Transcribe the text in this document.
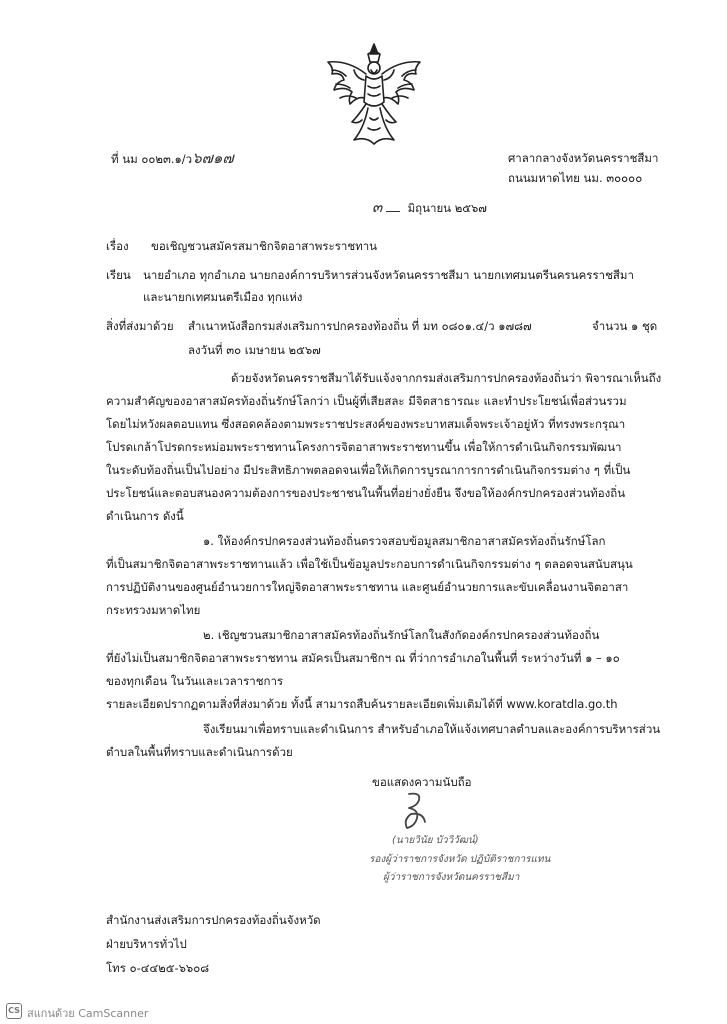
ที่ นม ๐๐๒๓.๑/ว๖๗๑๗	ศาลากลางจังหวัดนครราชสีมา
ถนนมหาดไทย นม. ๓๐๐๐๐
๓ มิถุนายน ๒๕๖๗
เรื่อง ขอเชิญชวนสมัครสมาชิกจิตอาสาพระราชทาน
เรียน นายอำเภอ ทุกอำเภอ นายกองค์การบริหารส่วนจังหวัดนครราชสีมา นายกเทศมนตรีนครนครราชสีมา
และนายกเทศมนตรีเมือง ทุกแห่ง
สิ่งที่ส่งมาด้วย สำเนาหนังสือกรมส่งเสริมการปกครองท้องถิ่น ที่ มท ๐๘๐๑.๔/ว ๑๗๘๗	จำนวน ๑ ชุด
ลงวันที่ ๓๐ เมษายน ๒๕๖๗
ด้วยจังหวัดนครราชสีมาได้รับแจ้งจากกรมส่งเสริมการปกครองท้องถิ่นว่า พิจารณาเห็นถึง
ความสำคัญของอาสาสมัครท้องถิ่นรักษ์โลกว่า เป็นผู้ที่เสียสละ มีจิตสาธารณะ และทำประโยชน์เพื่อส่วนรวม
โดยไม่หวังผลตอบแทน ซึ่งสอดคล้องตามพระราชประสงค์ของพระบาทสมเด็จพระเจ้าอยู่หัว ที่ทรงพระกรุณา
โปรดเกล้าโปรดกระหม่อมพระราชทานโครงการจิตอาสาพระราชทานขึ้น เพื่อให้การดำเนินกิจกรรมพัฒนา
ในระดับท้องถิ่นเป็นไปอย่าง มีประสิทธิภาพตลอดจนเพื่อให้เกิดการบูรณาการการดำเนินกิจกรรมต่าง ๆ ที่เป็น
ประโยชน์และตอบสนองความต้องการของประชาชนในพื้นที่อย่างยั่งยืน จึงขอให้องค์กรปกครองส่วนท้องถิ่น
ดำเนินการ ดังนี้
๑. ให้องค์กรปกครองส่วนท้องถิ่นตรวจสอบข้อมูลสมาชิกอาสาสมัครท้องถิ่นรักษ์โลก
ที่เป็นสมาชิกจิตอาสาพระราชทานแล้ว เพื่อใช้เป็นข้อมูลประกอบการดำเนินกิจกรรมต่าง ๆ ตลอดจนสนับสนุน
การปฏิบัติงานของศูนย์อำนวยการใหญ่จิตอาสาพระราชทาน และศูนย์อำนวยการและขับเคลื่อนงานจิตอาสา
กระทรวงมหาดไทย
๒. เชิญชวนสมาชิกอาสาสมัครท้องถิ่นรักษ์โลกในสังกัดองค์กรปกครองส่วนท้องถิ่น
ที่ยังไม่เป็นสมาชิกจิตอาสาพระราชทาน สมัครเป็นสมาชิกฯ ณ ที่ว่าการอำเภอในพื้นที่ ระหว่างวันที่ ๑ – ๑๐
ของทุกเดือน ในวันและเวลาราชการ
รายละเอียดปรากฏตามสิ่งที่ส่งมาด้วย ทั้งนี้ สามารถสืบค้นรายละเอียดเพิ่มเติมได้ที่ www.koratdla.go.th
จึงเรียนมาเพื่อทราบและดำเนินการ สำหรับอำเภอให้แจ้งเทศบาลตำบลและองค์การบริหารส่วน
ตำบลในพื้นที่ทราบและดำเนินการด้วย
ขอแสดงความนับถือ
(นายวินัย บัววิวัฒน์)
รองผู้ว่าราชการจังหวัด ปฏิบัติราชการแทน
ผู้ว่าราชการจังหวัดนครราชสีมา
สำนักงานส่งเสริมการปกครองท้องถิ่นจังหวัด
ฝ่ายบริหารทั่วไป
โทร ๐-๔๔๒๕-๖๖๐๘
CS สแกนด้วย CamScanner
